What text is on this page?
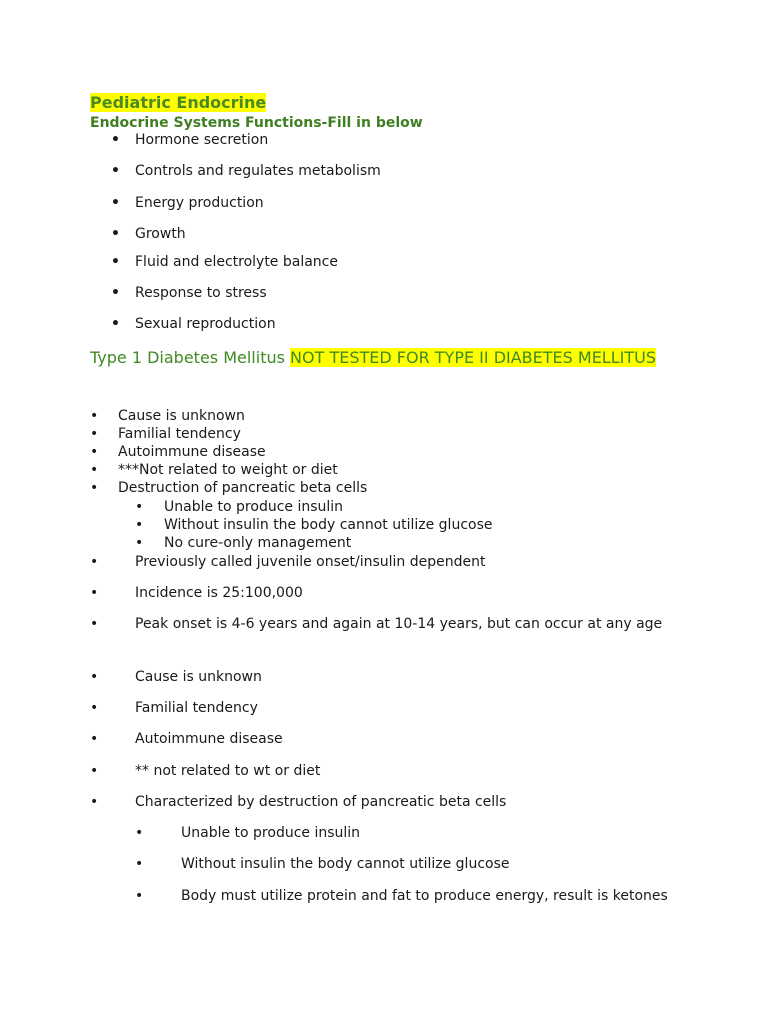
Pediatric Endocrine
Endocrine Systems Functions-Fill in below
• Hormone secretion
• Controls and regulates metabolism
• Energy production
• Growth
• Fluid and electrolyte balance
• Response to stress
• Sexual reproduction
Type 1 Diabetes Mellitus NOT TESTED FOR TYPE II DIABETES MELLITUS
• Cause is unknown
• Familial tendency
• Autoimmune disease
• ***Not related to weight or diet
• Destruction of pancreatic beta cells
• Unable to produce insulin
• Without insulin the body cannot utilize glucose
• No cure-only management
•	Previously called juvenile onset/insulin dependent
•	Incidence is 25:100,000
•	Peak onset is 4-6 years and again at 10-14 years, but can occur at any age
•	Cause is unknown
•	Familial tendency
•	Autoimmune disease
•	** not related to wt or diet
•	Characterized by destruction of pancreatic beta cells
•	Unable to produce insulin
•	Without insulin the body cannot utilize glucose
•	Body must utilize protein and fat to produce energy, result is ketones
